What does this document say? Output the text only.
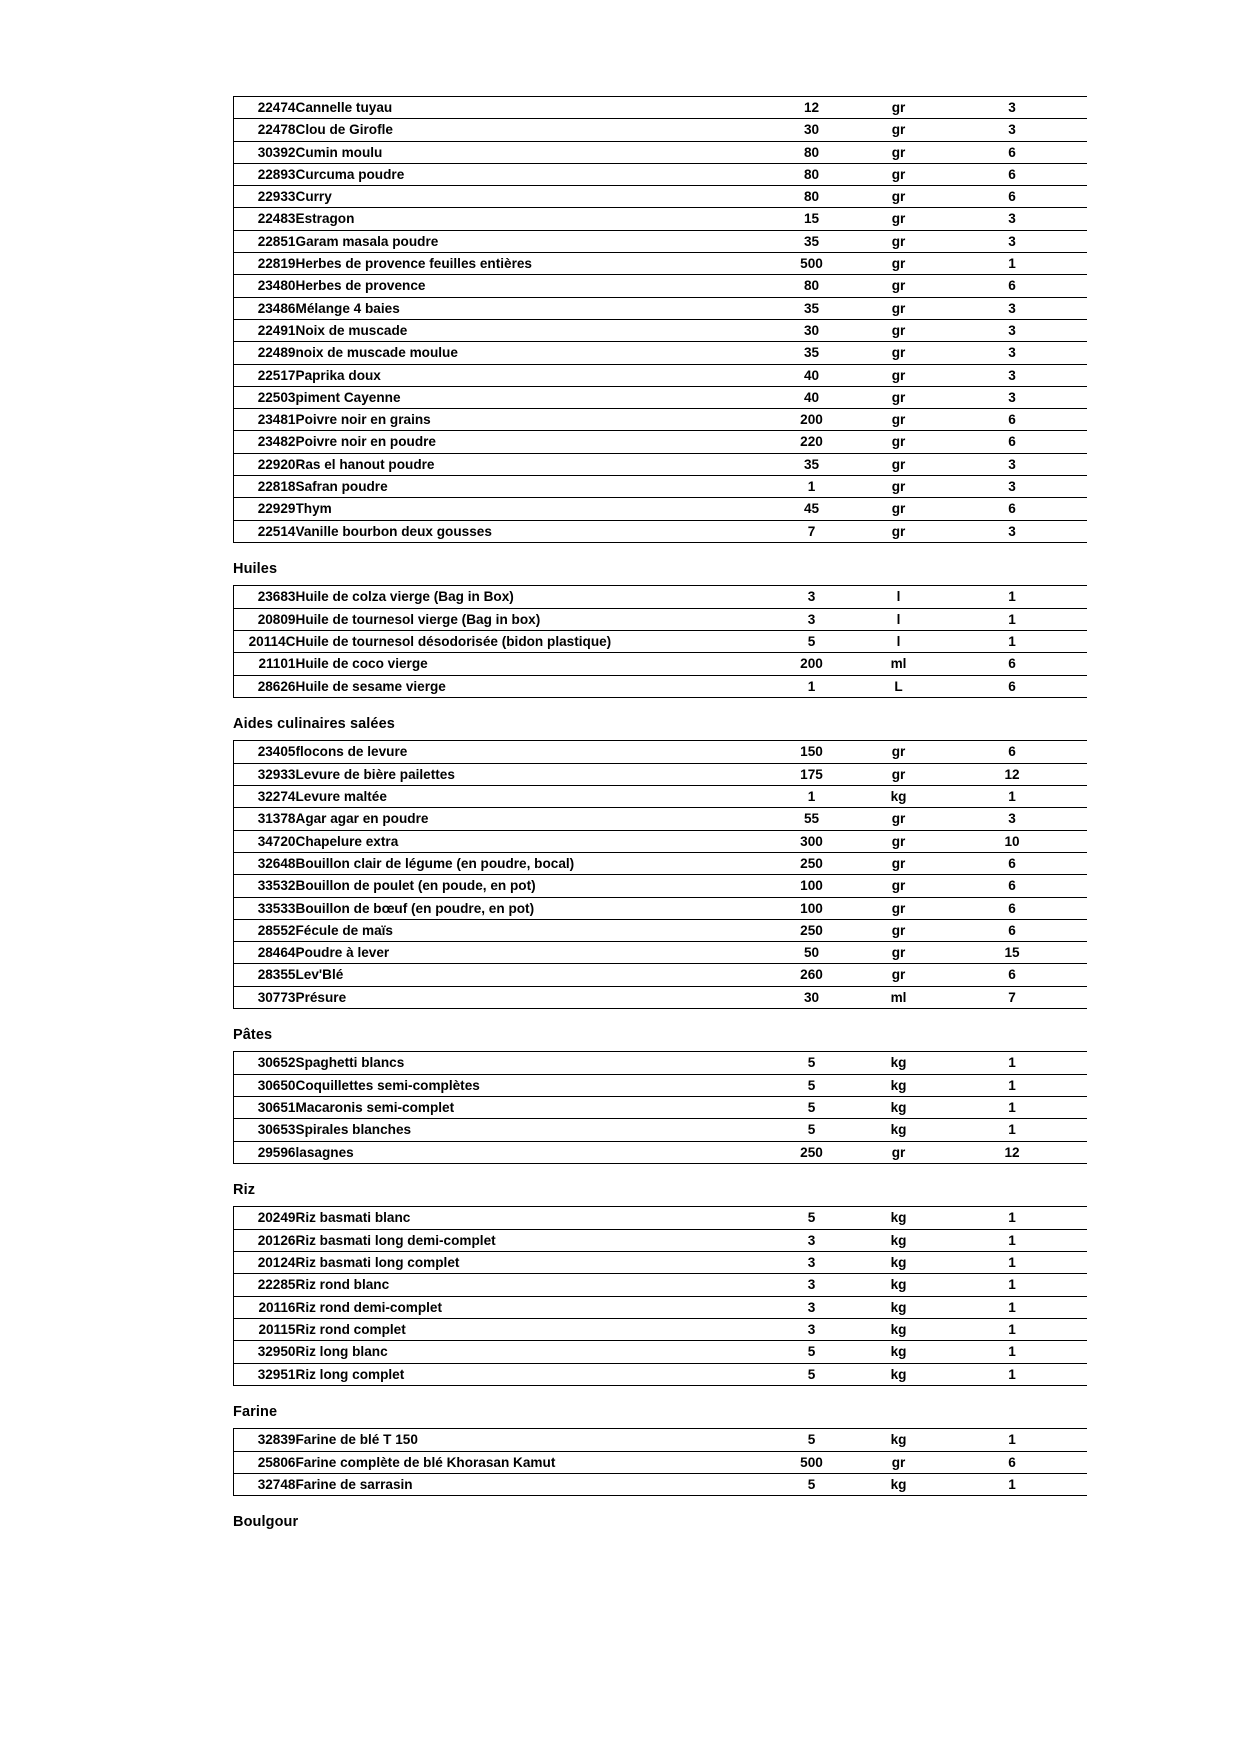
22474	Cannelle tuyau	12	gr	3
22478	Clou de Girofle	30	gr	3
30392	Cumin moulu	80	gr	6
22893	Curcuma poudre	80	gr	6
22933	Curry	80	gr	6
22483	Estragon	15	gr	3
22851	Garam masala poudre	35	gr	3
22819	Herbes de provence feuilles entières	500	gr	1
23480	Herbes de provence	80	gr	6
23486	Mélange 4 baies	35	gr	3
22491	Noix de muscade	30	gr	3
22489	noix de muscade moulue	35	gr	3
22517	Paprika doux	40	gr	3
22503	piment Cayenne	40	gr	3
23481	Poivre noir en grains	200	gr	6
23482	Poivre noir en poudre	220	gr	6
22920	Ras el hanout poudre	35	gr	3
22818	Safran poudre	1	gr	3
22929	Thym	45	gr	6
22514	Vanille bourbon deux gousses	7	gr	3
Huiles
23683	Huile de colza vierge (Bag in Box)	3	l	1
20809	Huile de tournesol vierge (Bag in box)	3	l	1
20114C	Huile de tournesol désodorisée (bidon plastique)	5	l	1
21101	Huile de coco vierge	200	ml	6
28626	Huile de sesame vierge	1	L	6
Aides culinaires salées
23405	flocons de levure	150	gr	6
32933	Levure de bière pailettes	175	gr	12
32274	Levure maltée	1	kg	1
31378	Agar agar en poudre	55	gr	3
34720	Chapelure extra	300	gr	10
32648	Bouillon clair de légume (en poudre, bocal)	250	gr	6
33532	Bouillon de poulet (en poude, en pot)	100	gr	6
33533	Bouillon de bœuf (en poudre, en pot)	100	gr	6
28552	Fécule de maïs	250	gr	6
28464	Poudre à lever	50	gr	15
28355	Lev'Blé	260	gr	6
30773	Présure	30	ml	7
Pâtes
30652	Spaghetti blancs	5	kg	1
30650	Coquillettes semi-complètes	5	kg	1
30651	Macaronis semi-complet	5	kg	1
30653	Spirales blanches	5	kg	1
29596	lasagnes	250	gr	12
Riz
20249	Riz basmati blanc	5	kg	1
20126	Riz basmati long demi-complet	3	kg	1
20124	Riz basmati long complet	3	kg	1
22285	Riz rond blanc	3	kg	1
20116	Riz rond demi-complet	3	kg	1
20115	Riz rond complet	3	kg	1
32950	Riz long blanc	5	kg	1
32951	Riz long complet	5	kg	1
Farine
32839	Farine de blé T 150	5	kg	1
25806	Farine complète de blé Khorasan Kamut	500	gr	6
32748	Farine de sarrasin	5	kg	1
Boulgour
